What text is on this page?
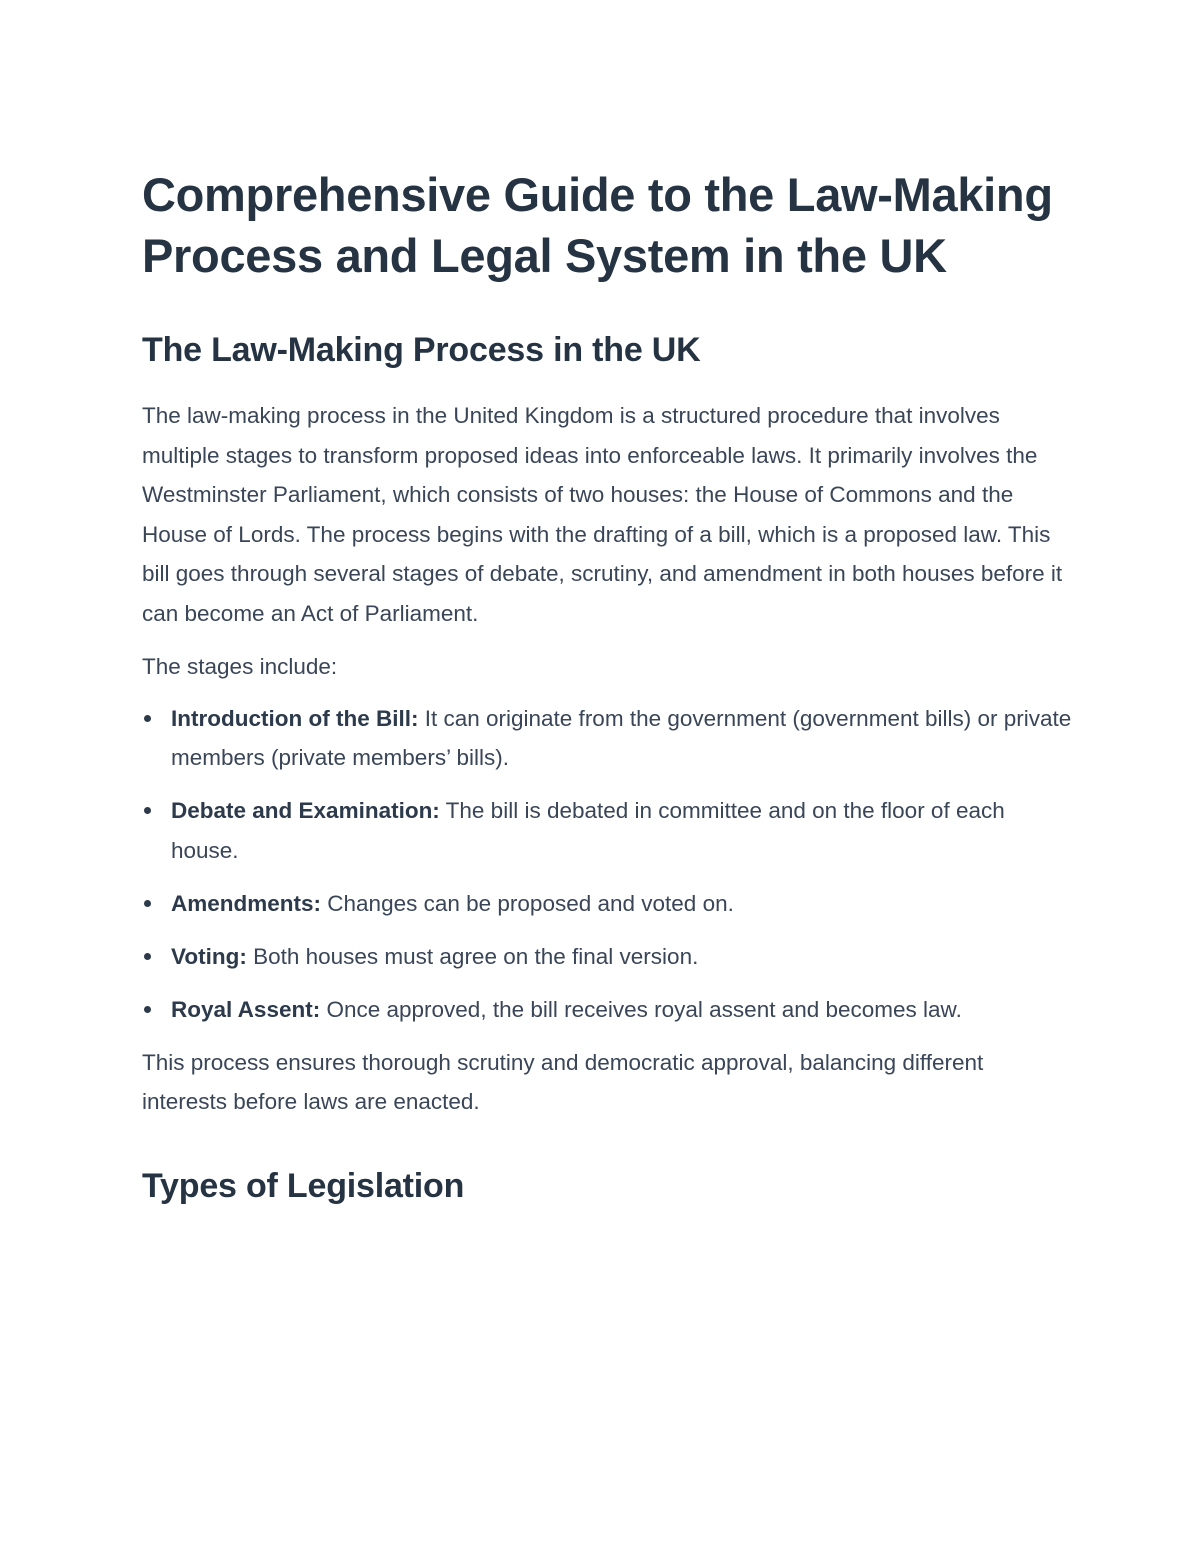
Comprehensive Guide to the Law-Making Process and Legal System in the UK
The Law-Making Process in the UK

The law-making process in the United Kingdom is a structured procedure that involves multiple stages to transform proposed ideas into enforceable laws. It primarily involves the Westminster Parliament, which consists of two houses: the House of Commons and the House of Lords. The process begins with the drafting of a bill, which is a proposed law. This bill goes through several stages of debate, scrutiny, and amendment in both houses before it can become an Act of Parliament.

The stages include:

Introduction of the Bill: It can originate from the government (government bills) or private members (private members’ bills).
Debate and Examination: The bill is debated in committee and on the floor of each house.
Amendments: Changes can be proposed and voted on.
Voting: Both houses must agree on the final version.
Royal Assent: Once approved, the bill receives royal assent and becomes law.

This process ensures thorough scrutiny and democratic approval, balancing different interests before laws are enacted.

Types of Legislation
